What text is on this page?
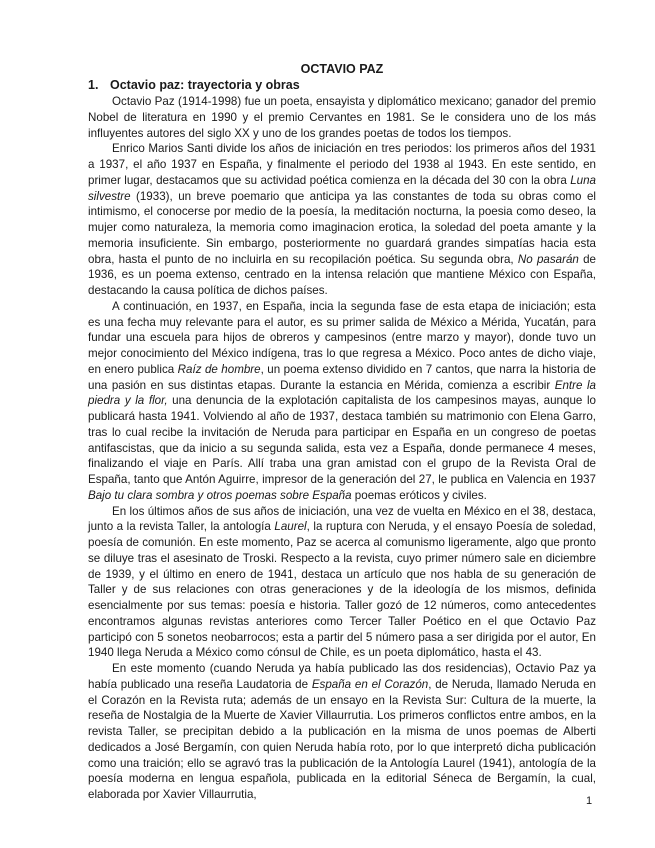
OCTAVIO PAZ
1. Octavio paz: trayectoria y obras

Octavio Paz (1914-1998) fue un poeta, ensayista y diplomático mexicano; ganador del premio Nobel de literatura en 1990 y el premio Cervantes en 1981. Se le considera uno de los más influyentes autores del siglo XX y uno de los grandes poetas de todos los tiempos.

Enrico Marios Santi divide los años de iniciación en tres periodos: los primeros años del 1931 a 1937, el año 1937 en España, y finalmente el periodo del 1938 al 1943. En este sentido, en primer lugar, destacamos que su actividad poética comienza en la década del 30 con la obra Luna silvestre (1933), un breve poemario que anticipa ya las constantes de toda su obras como el intimismo, el conocerse por medio de la poesía, la meditación nocturna, la poesia como deseo, la mujer como naturaleza, la memoria como imaginacion erotica, la soledad del poeta amante y la memoria insuficiente. Sin embargo, posteriormente no guardará grandes simpatías hacia esta obra, hasta el punto de no incluirla en su recopilación poética. Su segunda obra, No pasarán de 1936, es un poema extenso, centrado en la intensa relación que mantiene México con España, destacando la causa política de dichos países.

A continuación, en 1937, en España, incia la segunda fase de esta etapa de iniciación; esta es una fecha muy relevante para el autor, es su primer salida de México a Mérida, Yucatán, para fundar una escuela para hijos de obreros y campesinos (entre marzo y mayor), donde tuvo un mejor conocimiento del México indígena, tras lo que regresa a México. Poco antes de dicho viaje, en enero publica Raíz de hombre, un poema extenso dividido en 7 cantos, que narra la historia de una pasión en sus distintas etapas. Durante la estancia en Mérida, comienza a escribir Entre la piedra y la flor, una denuncia de la explotación capitalista de los campesinos mayas, aunque lo publicará hasta 1941. Volviendo al año de 1937, destaca también su matrimonio con Elena Garro, tras lo cual recibe la invitación de Neruda para participar en España en un congreso de poetas antifascistas, que da inicio a su segunda salida, esta vez a España, donde permanece 4 meses, finalizando el viaje en París. Allí traba una gran amistad con el grupo de la Revista Oral de España, tanto que Antón Aguirre, impresor de la generación del 27, le publica en Valencia en 1937 Bajo tu clara sombra y otros poemas sobre España poemas eróticos y civiles.

En los últimos años de sus años de iniciación, una vez de vuelta en México en el 38, destaca, junto a la revista Taller, la antología Laurel, la ruptura con Neruda, y el ensayo Poesía de soledad, poesía de comunión. En este momento, Paz se acerca al comunismo ligeramente, algo que pronto se diluye tras el asesinato de Troski. Respecto a la revista, cuyo primer número sale en diciembre de 1939, y el último en enero de 1941, destaca un artículo que nos habla de su generación de Taller y de sus relaciones con otras generaciones y de la ideología de los mismos, definida esencialmente por sus temas: poesía e historia. Taller gozó de 12 números, como antecedentes encontramos algunas revistas anteriores como Tercer Taller Poético en el que Octavio Paz participó con 5 sonetos neobarrocos; esta a partir del 5 número pasa a ser dirigida por el autor, En 1940 llega Neruda a México como cónsul de Chile, es un poeta diplomático, hasta el 43.

En este momento (cuando Neruda ya había publicado las dos residencias), Octavio Paz ya había publicado una reseña Laudatoria de España en el Corazón, de Neruda, llamado Neruda en el Corazón en la Revista ruta; además de un ensayo en la Revista Sur: Cultura de la muerte, la reseña de Nostalgia de la Muerte de Xavier Villaurrutia. Los primeros conflictos entre ambos, en la revista Taller, se precipitan debido a la publicación en la misma de unos poemas de Alberti dedicados a José Bergamín, con quien Neruda había roto, por lo que interpretó dicha publicación como una traición; ello se agravó tras la publicación de la Antología Laurel (1941), antología de la poesía moderna en lengua española, publicada en la editorial Séneca de Bergamín, la cual, elaborada por Xavier Villaurrutia,	1
